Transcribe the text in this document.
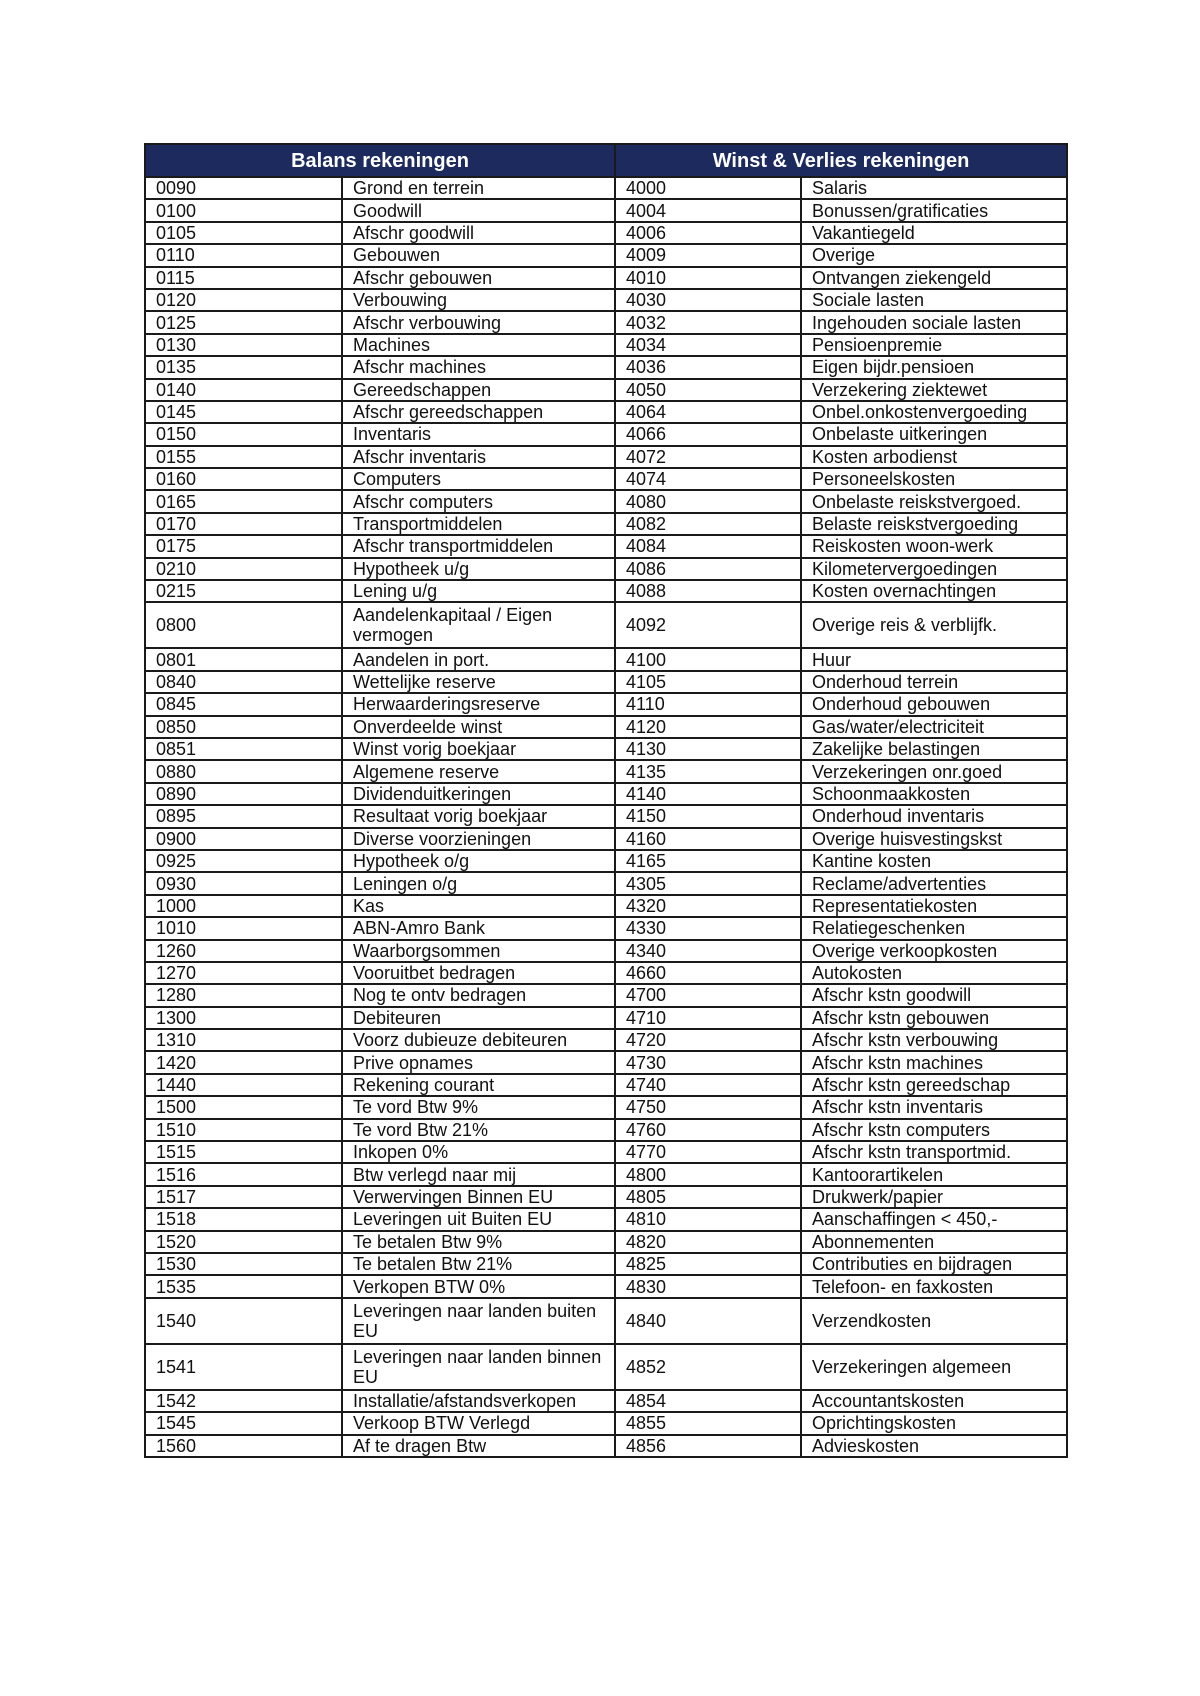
Balans rekeningen		Winst & Verlies rekeningen	
0090	Grond en terrein	4000	Salaris
0100	Goodwill	4004	Bonussen/gratificaties
0105	Afschr goodwill	4006	Vakantiegeld
0110	Gebouwen	4009	Overige
0115	Afschr gebouwen	4010	Ontvangen ziekengeld
0120	Verbouwing	4030	Sociale lasten
0125	Afschr verbouwing	4032	Ingehouden sociale lasten
0130	Machines	4034	Pensioenpremie
0135	Afschr machines	4036	Eigen bijdr.pensioen
0140	Gereedschappen	4050	Verzekering ziektewet
0145	Afschr gereedschappen	4064	Onbel.onkostenvergoeding
0150	Inventaris	4066	Onbelaste uitkeringen
0155	Afschr inventaris	4072	Kosten arbodienst
0160	Computers	4074	Personeelskosten
0165	Afschr computers	4080	Onbelaste reiskstvergoed.
0170	Transportmiddelen	4082	Belaste reiskstvergoeding
0175	Afschr transportmiddelen	4084	Reiskosten woon-werk
0210	Hypotheek u/g	4086	Kilometervergoedingen
0215	Lening u/g	4088	Kosten overnachtingen
0800	Aandelenkapitaal / Eigen vermogen	4092	Overige reis & verblijfk.
0801	Aandelen in port.	4100	Huur
0840	Wettelijke reserve	4105	Onderhoud terrein
0845	Herwaarderingsreserve	4110	Onderhoud gebouwen
0850	Onverdeelde winst	4120	Gas/water/electriciteit
0851	Winst vorig boekjaar	4130	Zakelijke belastingen
0880	Algemene reserve	4135	Verzekeringen onr.goed
0890	Dividenduitkeringen	4140	Schoonmaakkosten
0895	Resultaat vorig boekjaar	4150	Onderhoud inventaris
0900	Diverse voorzieningen	4160	Overige huisvestingskst
0925	Hypotheek o/g	4165	Kantine kosten
0930	Leningen o/g	4305	Reclame/advertenties
1000	Kas	4320	Representatiekosten
1010	ABN-Amro Bank	4330	Relatiegeschenken
1260	Waarborgsommen	4340	Overige verkoopkosten
1270	Vooruitbet bedragen	4660	Autokosten
1280	Nog te ontv bedragen	4700	Afschr kstn goodwill
1300	Debiteuren	4710	Afschr kstn gebouwen
1310	Voorz dubieuze debiteuren	4720	Afschr kstn verbouwing
1420	Prive opnames	4730	Afschr kstn machines
1440	Rekening courant	4740	Afschr kstn gereedschap
1500	Te vord Btw 9%	4750	Afschr kstn inventaris
1510	Te vord Btw 21%	4760	Afschr kstn computers
1515	Inkopen 0%	4770	Afschr kstn transportmid.
1516	Btw verlegd naar mij	4800	Kantoorartikelen
1517	Verwervingen Binnen EU	4805	Drukwerk/papier
1518	Leveringen uit Buiten EU	4810	Aanschaffingen < 450,-
1520	Te betalen Btw 9%	4820	Abonnementen
1530	Te betalen Btw 21%	4825	Contributies en bijdragen
1535	Verkopen BTW 0%	4830	Telefoon- en faxkosten
1540	Leveringen naar landen buiten EU	4840	Verzendkosten
1541	Leveringen naar landen binnen EU	4852	Verzekeringen algemeen
1542	Installatie/afstandsverkopen	4854	Accountantskosten
1545	Verkoop BTW Verlegd	4855	Oprichtingskosten
1560	Af te dragen Btw	4856	Advieskosten
